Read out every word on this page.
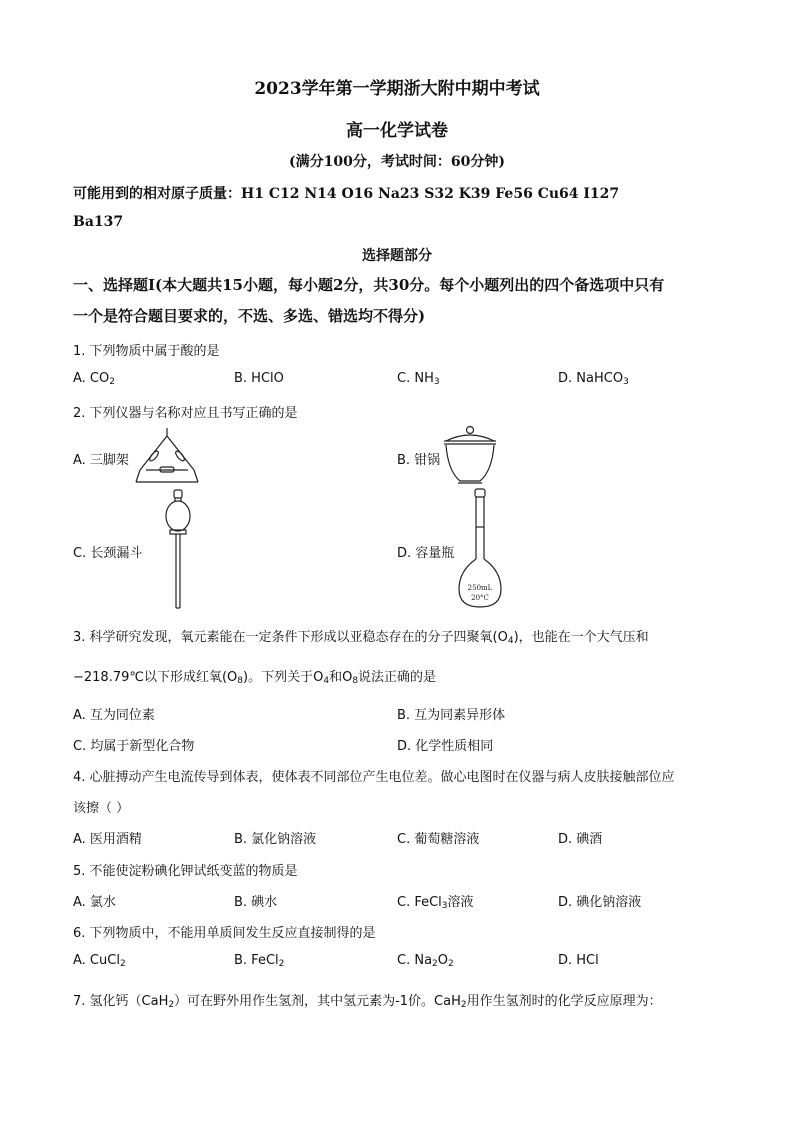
2023学年第一学期浙大附中期中考试
高一化学试卷
(满分100分，考试时间：60分钟)
可能用到的相对原子质量：H1 C12 N14 O16 Na23 S32 K39 Fe56 Cu64 I127
Ba137
选择题部分
一、选择题Ⅰ(本大题共15小题，每小题2分，共30分。每个小题列出的四个备选项中只有
一个是符合题目要求的，不选、多选、错选均不得分)
1. 下列物质中属于酸的是
A. $CO_2$	B. HClO	C. $NH_3$	D. NaHCO$_3$
2. 下列仪器与名称对应且书写正确的是
A. 三脚架	B. 钳锅
C. 长颈漏斗	D. 容量瓶
250mL
20°C
3. 科学研究发现，氧元素能在一定条件下形成以亚稳态存在的分子四聚氧$(O_4)$，也能在一个大气压和
−218.79℃以下形成红氧$(O_8)$。下列关于$O_4$和$O_8$说法正确的是
A. 互为同位素	B. 互为同素异形体
C. 均属于新型化合物	D. 化学性质相同
4. 心脏搏动产生电流传导到体表，使体表不同部位产生电位差。做心电图时在仪器与病人皮肤接触部位应
该擦（ ）
A. 医用酒精	B. 氯化钠溶液	C. 葡萄糖溶液	D. 碘酒
5. 不能使淀粉碘化钾试纸变蓝的物质是
A. 氯水	B. 碘水	C. FeCl$_3$溶液	D. 碘化钠溶液
6. 下列物质中，不能用单质间发生反应直接制得的是
A. CuCl$_2$	B. FeCl$_2$	C. $Na_2O_2$	D. HCl
7. 氢化钙（CaH$_2$）可在野外用作生氢剂，其中氢元素为-1价。CaH$_2$用作生氢剂时的化学反应原理为：
